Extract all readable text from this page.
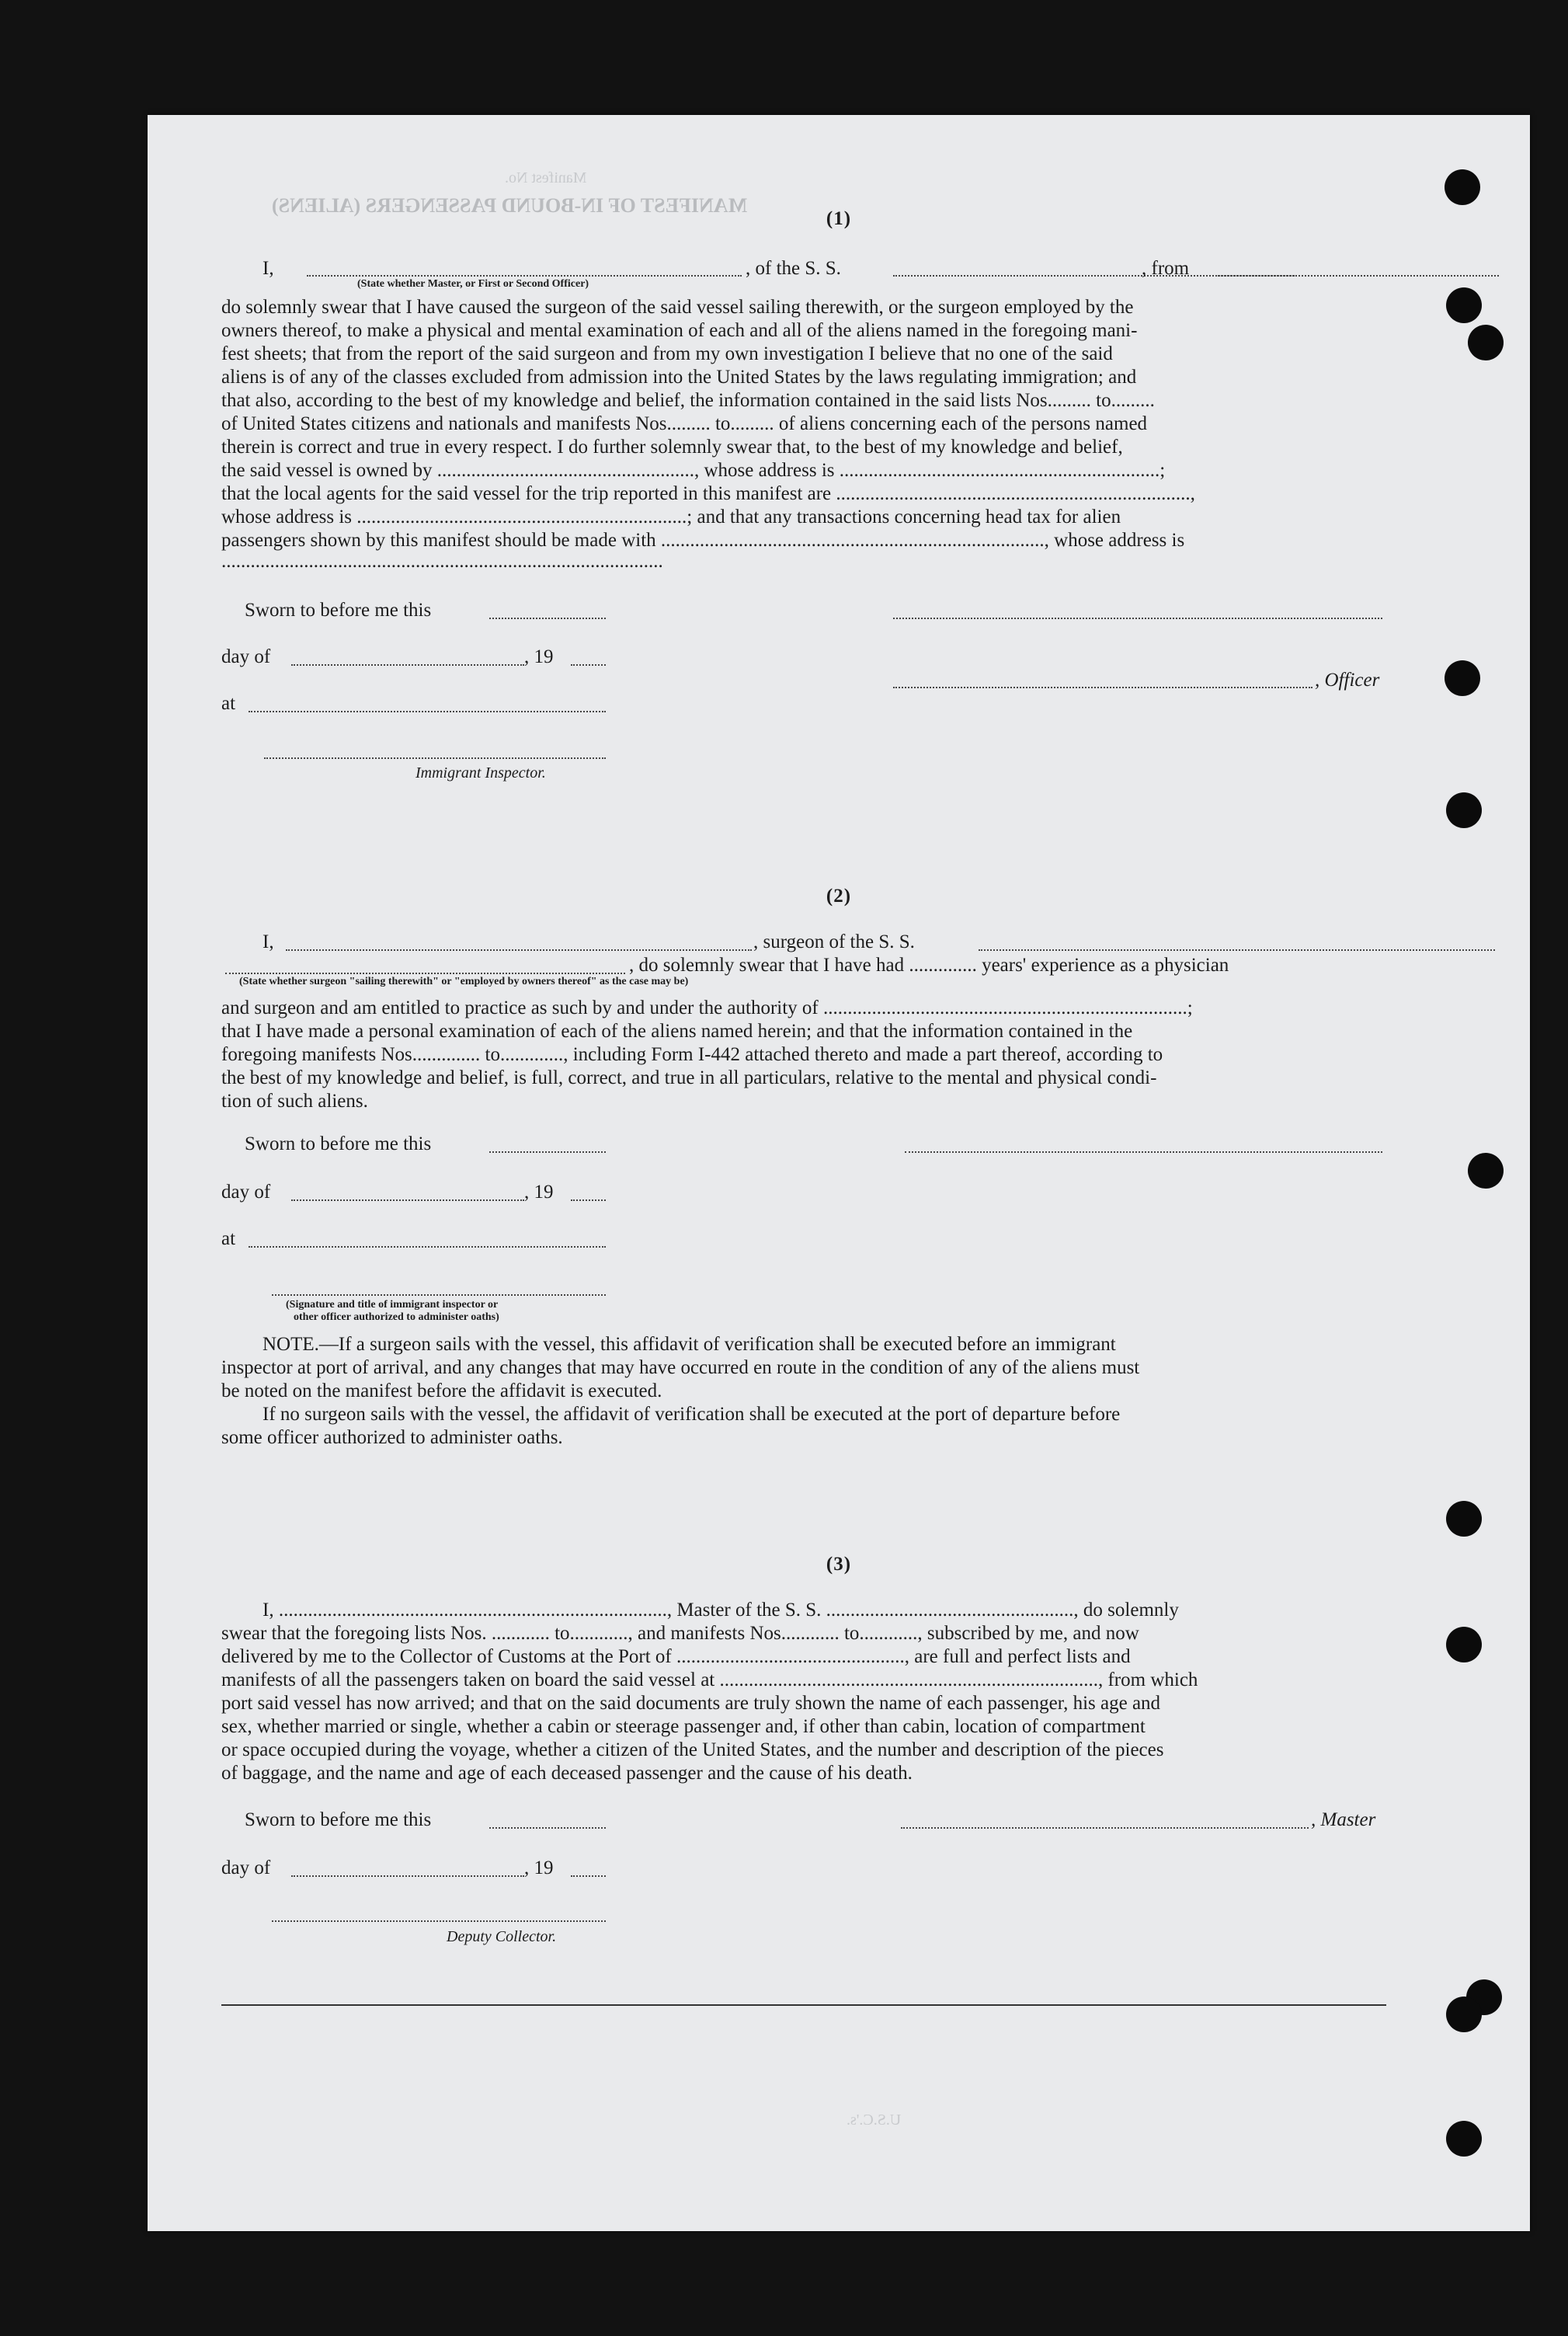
MANIFEST OF IN-BOUND PASSENGERS (ALIENS)
Manifest No.
U.S.C.'s.
(1)
I,	, of the S. S.	, from
(State whether Master, or First or Second Officer)
do solemnly swear that I have caused the surgeon of the said vessel sailing therewith, or the surgeon employed by the
owners thereof, to make a physical and mental examination of each and all of the aliens named in the foregoing mani-
fest sheets; that from the report of the said surgeon and from my own investigation I believe that no one of the said
aliens is of any of the classes excluded from admission into the United States by the laws regulating immigration; and
that also, according to the best of my knowledge and belief, the information contained in the said lists Nos......... to.........
of United States citizens and nationals and manifests Nos......... to......... of aliens concerning each of the persons named
therein is correct and true in every respect. I do further solemnly swear that, to the best of my knowledge and belief,
the said vessel is owned by ....................................................., whose address is ..................................................................;
that the local agents for the said vessel for the trip reported in this manifest are .........................................................................,
whose address is ....................................................................; and that any transactions concerning head tax for alien
passengers shown by this manifest should be made with ..............................................................................., whose address is
...........................................................................................
Sworn to before me this
day of	, 19
, Officer
at
Immigrant Inspector.
(2)
I,	, surgeon of the S. S.
, do solemnly swear that I have had .............. years' experience as a physician
(State whether surgeon "sailing therewith" or "employed by owners thereof" as the case may be)
and surgeon and am entitled to practice as such by and under the authority of ...........................................................................;
that I have made a personal examination of each of the aliens named herein; and that the information contained in the
foregoing manifests Nos.............. to............., including Form I-442 attached thereto and made a part thereof, according to
the best of my knowledge and belief, is full, correct, and true in all particulars, relative to the mental and physical condi-
tion of such aliens.
Sworn to before me this
day of	, 19
at
(Signature and title of immigrant inspector or
other officer authorized to administer oaths)
NOTE.—If a surgeon sails with the vessel, this affidavit of verification shall be executed before an immigrant
inspector at port of arrival, and any changes that may have occurred en route in the condition of any of the aliens must
be noted on the manifest before the affidavit is executed.
If no surgeon sails with the vessel, the affidavit of verification shall be executed at the port of departure before
some officer authorized to administer oaths.
(3)
I, ................................................................................, Master of the S. S. ..................................................., do solemnly
swear that the foregoing lists Nos. ............ to............, and manifests Nos............ to............, subscribed by me, and now
delivered by me to the Collector of Customs at the Port of ..............................................., are full and perfect lists and
manifests of all the passengers taken on board the said vessel at .............................................................................., from which
port said vessel has now arrived; and that on the said documents are truly shown the name of each passenger, his age and
sex, whether married or single, whether a cabin or steerage passenger and, if other than cabin, location of compartment
or space occupied during the voyage, whether a citizen of the United States, and the number and description of the pieces
of baggage, and the name and age of each deceased passenger and the cause of his death.
Sworn to before me this	, Master
day of	, 19
Deputy Collector.
